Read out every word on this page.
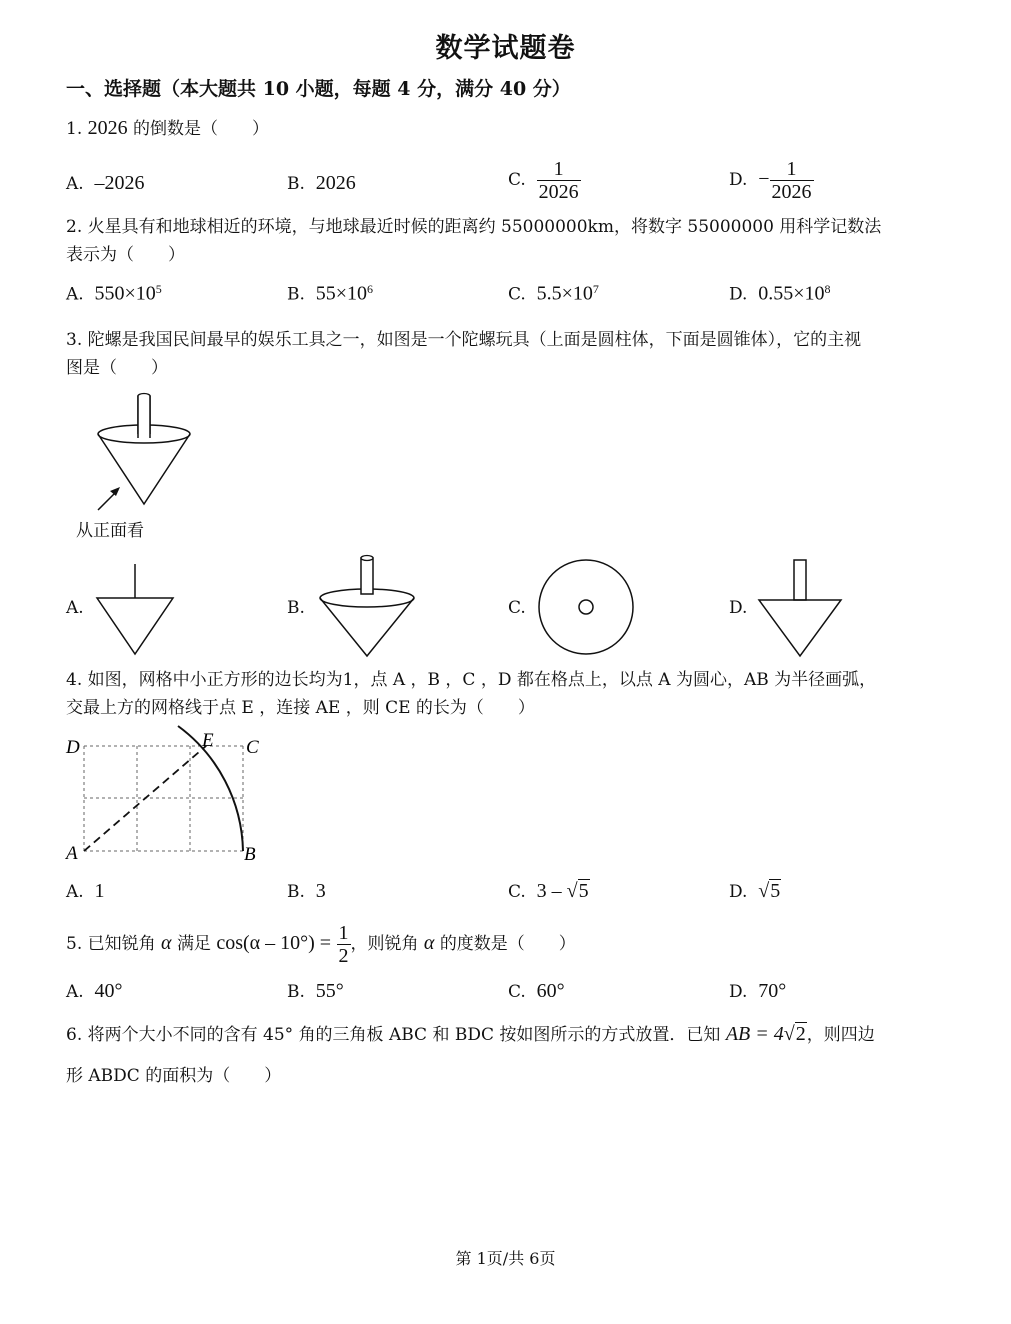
数学试题卷
一、选择题（本大题共 10 小题，每题 4 分，满分 40 分）
1. 2026 的倒数是（　　）
A. –2026	B. 2026	C. $\frac{1}{2026}$	D. − $\frac{1}{2026}$
2. 火星具有和地球相近的环境，与地球最近时候的距离约 55000000km，将数字 55000000 用科学记数法
表示为（　　）
A. $550\times 10^5$	B. $55\times 10^6$	C. $5.5\times 10^7$	D. $0.55\times 10^8$
3. 陀螺是我国民间最早的娱乐工具之一，如图是一个陀螺玩具（上面是圆柱体，下面是圆锥体），它的主视
图是（　　）
从正面看
A.	B.	C.	D.
4. 如图，网格中小正方形的边长均为1，点 A ，B ，C ，D 都在格点上，以点 A 为圆心，AB 为半径画弧，
交最上方的网格线于点 E ，连接 AE ，则 CE 的长为（　　）
D	E C
A	B
A. 1	B. 3	C. 3 – √5	D. √5
5. 已知锐角 α 满足 $\cos(\alpha - 10^\circ) = \frac{1}{2}$ ，则锐角 α 的度数是（　　）
A. 40°	B. 55°	C. 60°	D. 70°
6. 将两个大小不同的含有 45° 角的三角板 ABC 和 BDC 按如图所示的方式放置．已知 AB = 4√2，则四边
形 ABDC 的面积为（　　）
第 1页/共 6页
